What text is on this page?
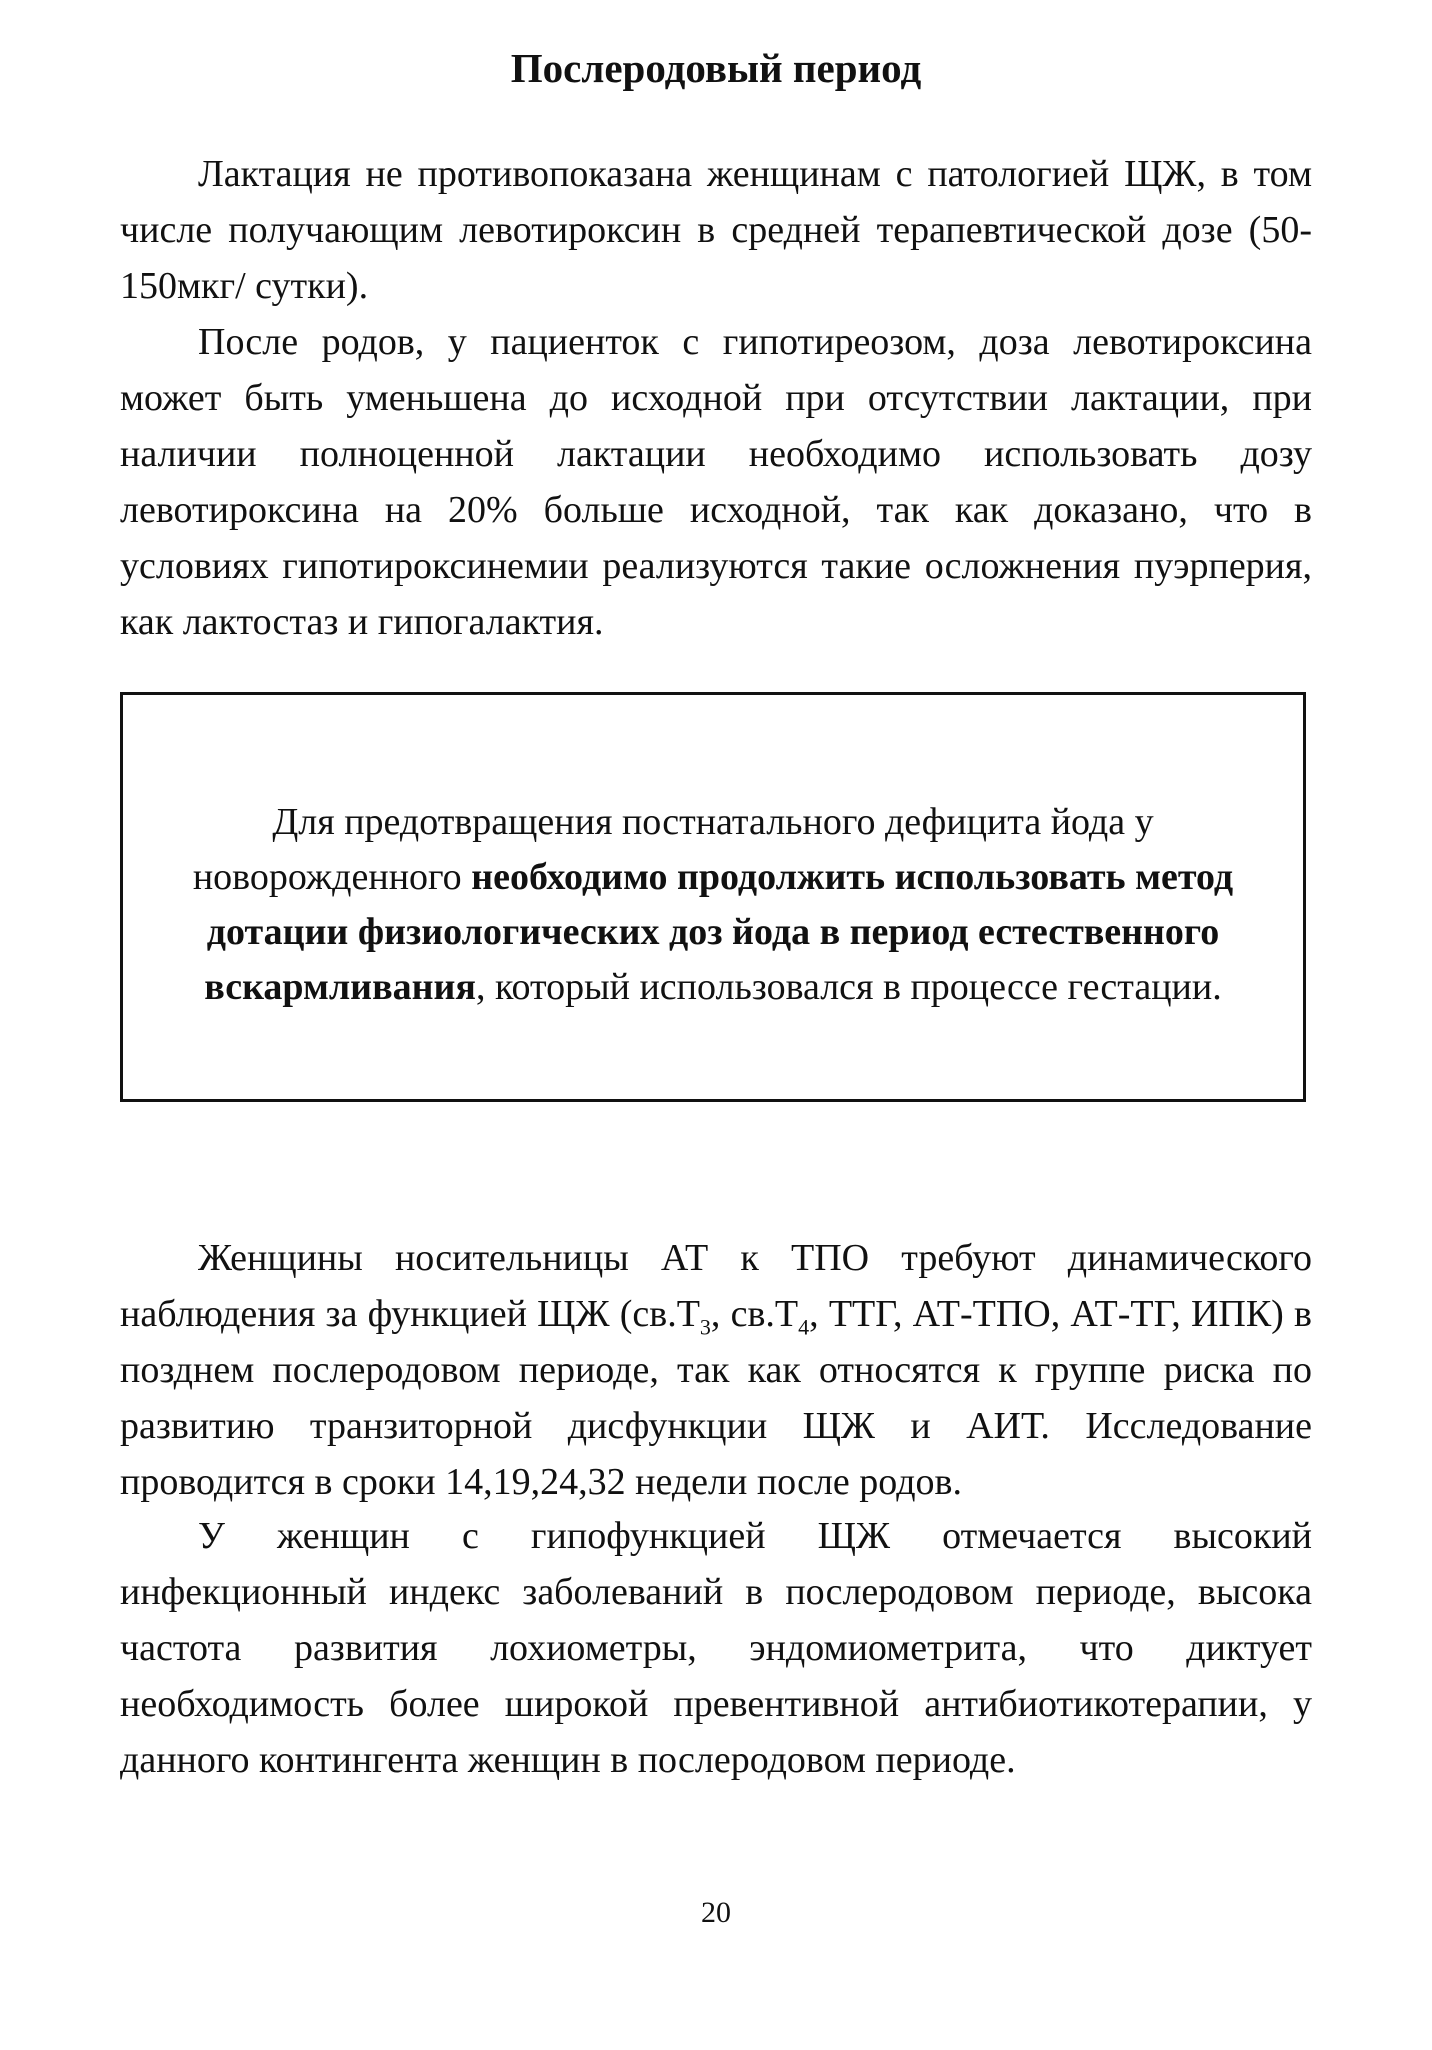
Послеродовый период

Лактация не противопоказана женщинам с патологией ЩЖ, в том числе получающим левотироксин в средней терапевтической дозе (50-150мкг/ сутки).

После родов, у пациенток с гипотиреозом, доза левотироксина может быть уменьшена до исходной при отсутствии лактации, при наличии полноценной лактации необходимо использовать дозу левотироксина на 20% больше исходной, так как доказано, что в условиях гипотироксинемии реализуются такие осложнения пуэрперия, как лактостаз и гипогалактия.

Для предотвращения постнатального дефицита йода у новорожденного необходимо продолжить использовать метод дотации физиологических доз йода в период естественного вскармливания, который использовался в процессе гестации.

Женщины носительницы АТ к ТПО требуют динамического наблюдения за функцией ЩЖ ($св.Т_3$, $св.Т_4$, ТТГ, АТ-ТПО, АТ-ТГ, ИПК) в позднем послеродовом периоде, так как относятся к группе риска по развитию транзиторной дисфункции ЩЖ и АИТ. Исследование проводится в сроки 14,19,24,32 недели после родов.

У женщин с гипофункцией ЩЖ отмечается высокий инфекционный индекс заболеваний в послеродовом периоде, высока частота развития лохиометры, эндомиометрита, что диктует необходимость более широкой превентивной антибиотикотерапии, у данного контингента женщин в послеродовом периоде.

20
